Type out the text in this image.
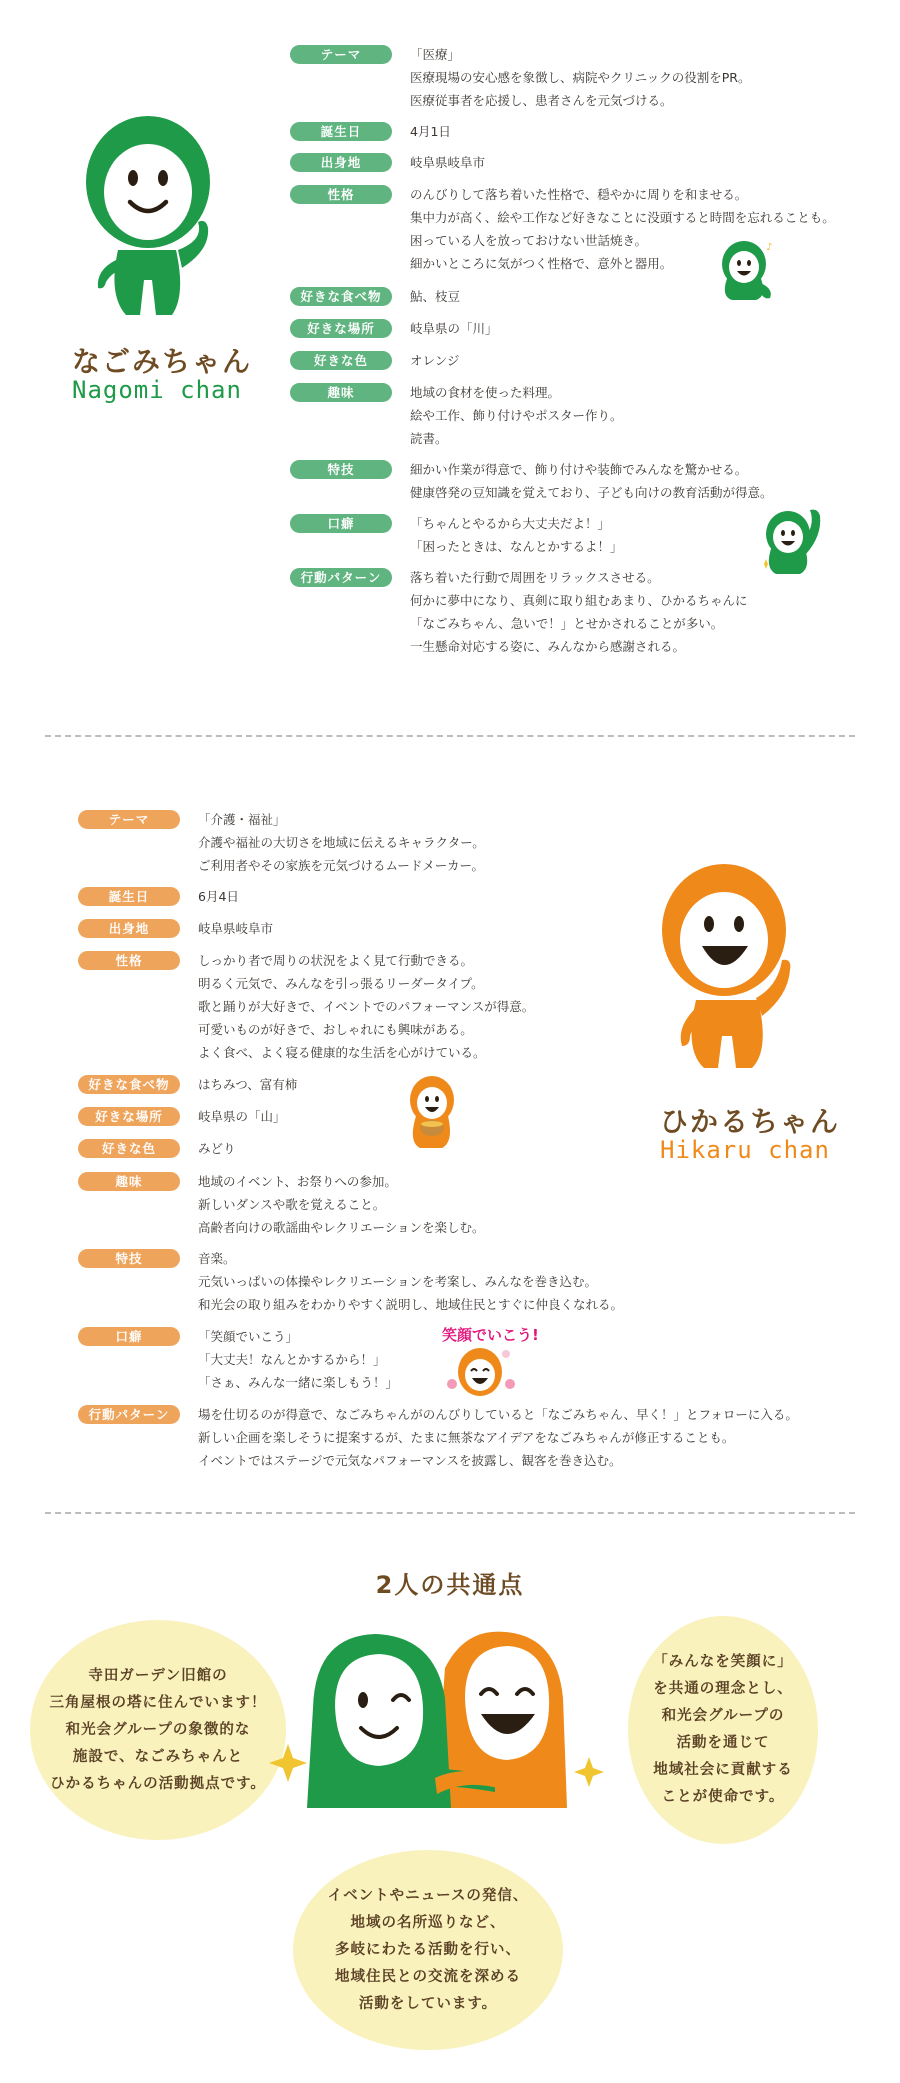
なごみちゃん
Nagomi chan
♪
テーマ	「医療」
医療現場の安心感を象徴し、病院やクリニックの役割をPR。
医療従事者を応援し、患者さんを元気づける。
誕生日	4月1日
出身地	岐阜県岐阜市
性格	のんびりして落ち着いた性格で、穏やかに周りを和ませる。
集中力が高く、絵や工作など好きなことに没頭すると時間を忘れることも。
困っている人を放っておけない世話焼き。
細かいところに気がつく性格で、意外と器用。
好きな食べ物	鮎、枝豆
好きな場所	岐阜県の「川」
好きな色	オレンジ
趣味	地域の食材を使った料理。
絵や工作、飾り付けやポスター作り。
読書。
特技	細かい作業が得意で、飾り付けや装飾でみんなを驚かせる。
健康啓発の豆知識を覚えており、子ども向けの教育活動が得意。
口癖	「ちゃんとやるから大丈夫だよ！」
「困ったときは、なんとかするよ！」
行動パターン	落ち着いた行動で周囲をリラックスさせる。
何かに夢中になり、真剣に取り組むあまり、ひかるちゃんに
「なごみちゃん、急いで！」とせかされることが多い。
一生懸命対応する姿に、みんなから感謝される。
ひかるちゃん
Hikaru chan
笑顔でいこう!
テーマ	「介護・福祉」
介護や福祉の大切さを地域に伝えるキャラクター。
ご利用者やその家族を元気づけるムードメーカー。
誕生日	6月4日
出身地	岐阜県岐阜市
性格	しっかり者で周りの状況をよく見て行動できる。
明るく元気で、みんなを引っ張るリーダータイプ。
歌と踊りが大好きで、イベントでのパフォーマンスが得意。
可愛いものが好きで、おしゃれにも興味がある。
よく食べ、よく寝る健康的な生活を心がけている。
好きな食べ物	はちみつ、富有柿
好きな場所	岐阜県の「山」
好きな色	みどり
趣味	地域のイベント、お祭りへの参加。
新しいダンスや歌を覚えること。
高齢者向けの歌謡曲やレクリエーションを楽しむ。
特技	音楽。
元気いっぱいの体操やレクリエーションを考案し、みんなを巻き込む。
和光会の取り組みをわかりやすく説明し、地域住民とすぐに仲良くなれる。
口癖	「笑顔でいこう」
「大丈夫！なんとかするから！」
「さぁ、みんな一緒に楽しもう！」
行動パターン	場を仕切るのが得意で、なごみちゃんがのんびりしていると「なごみちゃん、早く！」とフォローに入る。
新しい企画を楽しそうに提案するが、たまに無茶なアイデアをなごみちゃんが修正することも。
イベントではステージで元気なパフォーマンスを披露し、観客を巻き込む。
2人の共通点
寺田ガーデン旧館の
三角屋根の塔に住んでいます！
和光会グループの象徴的な
施設で、なごみちゃんと
ひかるちゃんの活動拠点です。
「みんなを笑顔に」
を共通の理念とし、
和光会グループの
活動を通じて
地域社会に貢献する
ことが使命です。
イベントやニュースの発信、
地域の名所巡りなど、
多岐にわたる活動を行い、
地域住民との交流を深める
活動をしています。
